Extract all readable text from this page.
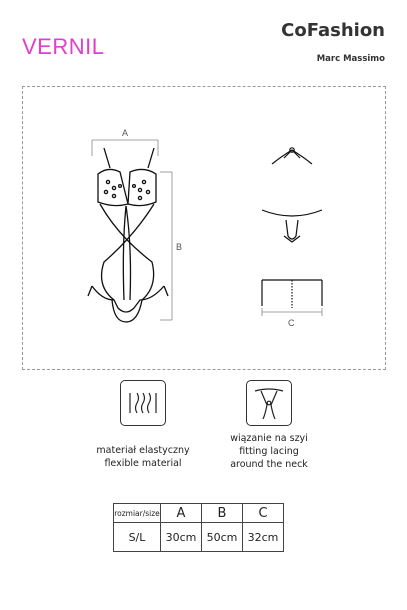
VERNIL
CoFashion
Marc Massimo
A
B
C
materiał elastyczny
flexible material
wiązanie na szyi
fitting lacing
around the neck
rozmiar/size	A	B	C
S/L	30cm	50cm	32cm
